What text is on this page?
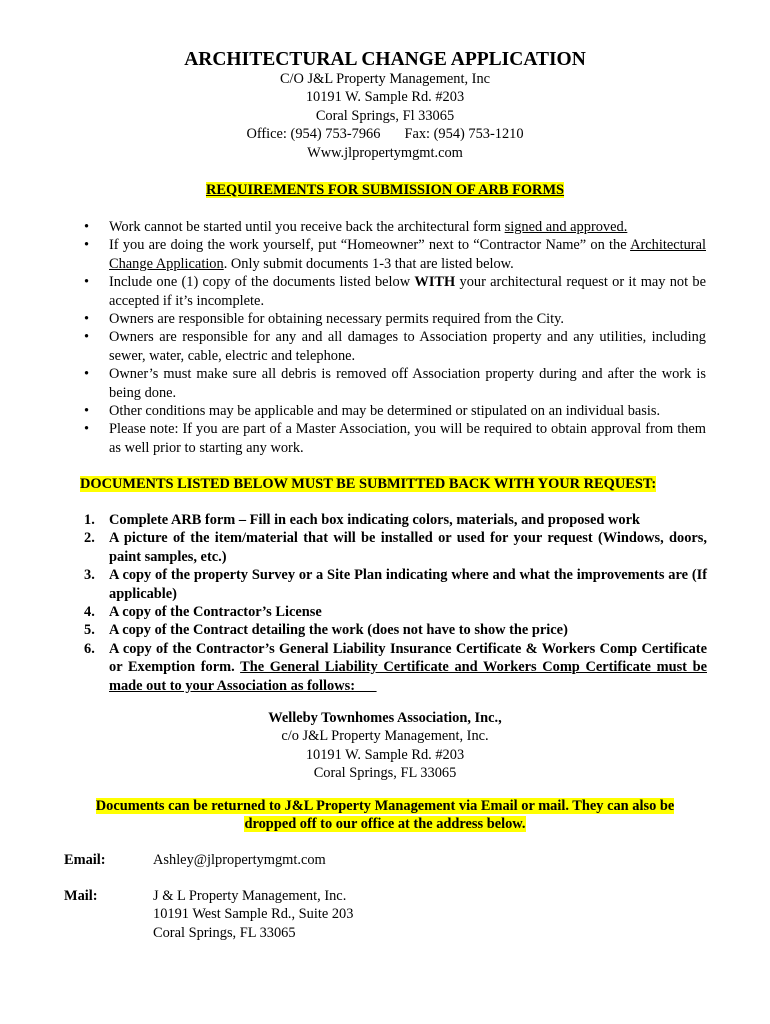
ARCHITECTURAL CHANGE APPLICATION
C/O J&L Property Management, Inc
10191 W. Sample Rd. #203
Coral Springs, Fl 33065
Office: (954) 753-7966 Fax: (954) 753-1210
Www.jlpropertymgmt.com
REQUIREMENTS FOR SUBMISSION OF ARB FORMS
• Work cannot be started until you receive back the architectural form signed and approved.
• If you are doing the work yourself, put “Homeowner” next to “Contractor Name” on the Architectural Change Application. Only submit documents 1-3 that are listed below.
• Include one (1) copy of the documents listed below WITH your architectural request or it may not be accepted if it’s incomplete.
• Owners are responsible for obtaining necessary permits required from the City.
• Owners are responsible for any and all damages to Association property and any utilities, including sewer, water, cable, electric and telephone.
• Owner’s must make sure all debris is removed off Association property during and after the work is being done.
• Other conditions may be applicable and may be determined or stipulated on an individual basis.
• Please note: If you are part of a Master Association, you will be required to obtain approval from them as well prior to starting any work.
DOCUMENTS LISTED BELOW MUST BE SUBMITTED BACK WITH YOUR REQUEST:
1. Complete ARB form – Fill in each box indicating colors, materials, and proposed work
2. A picture of the item/material that will be installed or used for your request (Windows, doors, paint samples, etc.)
3. A copy of the property Survey or a Site Plan indicating where and what the improvements are (If applicable)
4. A copy of the Contractor’s License
5. A copy of the Contract detailing the work (does not have to show the price)
6. A copy of the Contractor’s General Liability Insurance Certificate & Workers Comp Certificate or Exemption form. The General Liability Certificate and Workers Comp Certificate must be made out to your Association as follows:
Welleby Townhomes Association, Inc.,
c/o J&L Property Management, Inc.
10191 W. Sample Rd. #203
Coral Springs, FL 33065
Documents can be returned to J&L Property Management via Email or mail. They can also be
dropped off to our office at the address below.
Email:	Ashley@jlpropertymgmt.com
Mail:	J & L Property Management, Inc.
10191 West Sample Rd., Suite 203
Coral Springs, FL 33065
